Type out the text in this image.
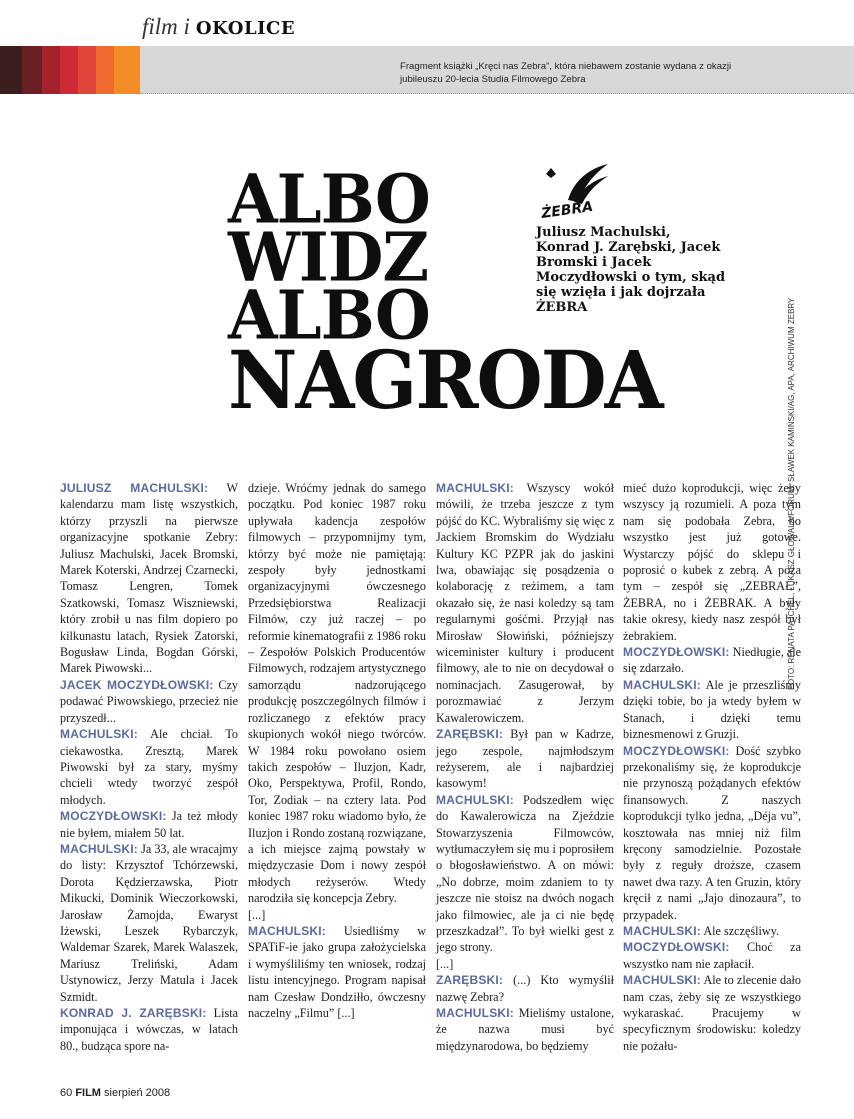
film i OKOLICE
Fragment książki „Kręci nas Zebra”, która niebawem zostanie wydana z okazji jubileuszu 20-lecia Studia Filmowego Zebra
ALBO
WIDZ
ALBO
NAGRODA
ŻEBRA
Juliusz Machulski, Konrad J. Zarębski, Jacek Bromski i Jacek Moczydłowski o tym, skąd się wzięła i jak dojrzała ŻEBRA

JULIUSZ MACHULSKI: W kalendarzu mam listę wszystkich, którzy przyszli na pierwsze organizacyjne spotkanie Zebry: Juliusz Machulski, Jacek Bromski, Marek Koterski, Andrzej Czarnecki, Tomasz Lengren, Tomek Szatkowski, Tomasz Wiszniewski, który zrobił u nas film dopiero po kilkunastu latach, Rysiek Zatorski, Bogusław Linda, Bogdan Górski, Marek Piwowski...

JACEK MOCZYDŁOWSKI: Czy podawać Piwowskiego, przecież nie przyszedł...

MACHULSKI: Ale chciał. To ciekawostka. Zresztą, Marek Piwowski był za stary, myśmy chcieli wtedy tworzyć zespół młodych.

MOCZYDŁOWSKI: Ja też młody nie byłem, miałem 50 lat.

MACHULSKI: Ja 33, ale wracajmy do listy: Krzysztof Tchórzewski, Dorota Kędzierzawska, Piotr Mikucki, Dominik Wieczorkowski, Jarosław Żamojda, Ewaryst Iżewski, Leszek Rybarczyk, Waldemar Szarek, Marek Walaszek, Mariusz Treliński, Adam Ustynowicz, Jerzy Matula i Jacek Szmidt.

KONRAD J. ZARĘBSKI: Lista imponująca i wówczas, w latach 80., budząca spore na-

dzieje. Wróćmy jednak do samego początku. Pod koniec 1987 roku upływała kadencja zespołów filmowych – przypomnijmy tym, którzy być może nie pamiętają: zespoły były jednostkami organizacyjnymi ówczesnego Przedsiębiorstwa Realizacji Filmów, czy już raczej – po reformie kinematografii z 1986 roku – Zespołów Polskich Producentów Filmowych, rodzajem artystycznego samorządu nadzorującego produkcję poszczególnych filmów i rozliczanego z efektów pracy skupionych wokół niego twórców. W 1984 roku powołano osiem takich zespołów – Iluzjon, Kadr, Oko, Perspektywa, Profil, Rondo, Tor, Zodiak – na cztery lata. Pod koniec 1987 roku wiadomo było, że Iluzjon i Rondo zostaną rozwiązane, a ich miejsce zajmą powstały w międzyczasie Dom i nowy zespół młodych reżyserów. Wtedy narodziła się koncepcja Zebry.

[...]

MACHULSKI: Usiedliśmy w SPATiF-ie jako grupa założycielska i wymyśliliśmy ten wniosek, rodzaj listu intencyjnego. Program napisał nam Czesław Dondziłło, ówczesny naczelny „Filmu” [...]

MACHULSKI: Wszyscy wokół mówili, że trzeba jeszcze z tym pójść do KC. Wybraliśmy się więc z Jackiem Bromskim do Wydziału Kultury KC PZPR jak do jaskini lwa, obawiając się posądzenia o kolaborację z reżimem, a tam okazało się, że nasi koledzy są tam regularnymi gośćmi. Przyjął nas Mirosław Słowiński, późniejszy wiceminister kultury i producent filmowy, ale to nie on decydował o nominacjach. Zasugerował, by porozmawiać z Jerzym Kawalerowiczem.

ZARĘBSKI: Był pan w Kadrze, jego zespole, najmłodszym reżyserem, ale i najbardziej kasowym!

MACHULSKI: Podszedłem więc do Kawalerowicza na Zjeździe Stowarzyszenia Filmowców, wytłumaczyłem się mu i poprosiłem o błogosławieństwo. A on mówi: „No dobrze, moim zdaniem to ty jeszcze nie stoisz na dwóch nogach jako filmowiec, ale ja ci nie będę przeszkadzał”. To był wielki gest z jego strony.

[...]

ZARĘBSKI: (...) Kto wymyślił nazwę Zebra?

MACHULSKI: Mieliśmy ustalone, że nazwa musi być międzynarodowa, bo będziemy

mieć dużo koprodukcji, więc żeby wszyscy ją rozumieli. A poza tym nam się podobała Zebra, bo wszystko jest już gotowe. Wystarczy pójść do sklepu i poprosić o kubek z zebrą. A poza tym – zespół się „ZEBRAŁ”, ŻEBRA, no i ŻEBRAK. A były takie okresy, kiedy nasz zespół był żebrakiem.

MOCZYDŁOWSKI: Niedługie, ale się zdarzało.

MACHULSKI: Ale je przeszliśmy dzięki tobie, bo ja wtedy byłem w Stanach, i dzięki temu biznesmenowi z Gruzji.

MOCZYDŁOWSKI: Dość szybko przekonaliśmy się, że koprodukcje nie przynoszą pożądanych efektów finansowych. Z naszych koprodukcji tylko jedna, „Déja vu”, kosztowała nas mniej niż film kręcony samodzielnie. Pozostałe były z reguły droższe, czasem nawet dwa razy. A ten Gruzin, który kręcił z nami „Jajo dinozaura”, to przypadek.

MACHULSKI: Ale szczęśliwy.

MOCZYDŁOWSKI: Choć za wszystko nam nie zapłacił.

MACHULSKI: Ale to zlecenie dało nam czas, żeby się ze wszystkiego wykaraskać. Pracujemy w specyficznym środowisku: koledzy nie pożału-

FOTO: RENATA PAJCHEL, ŁUKASZ GŁOWALA/FORUM, SŁAWEK KAMIŃSKI/AG, APA, ARCHIWUM ZEBRY
60 FILM sierpień 2008
